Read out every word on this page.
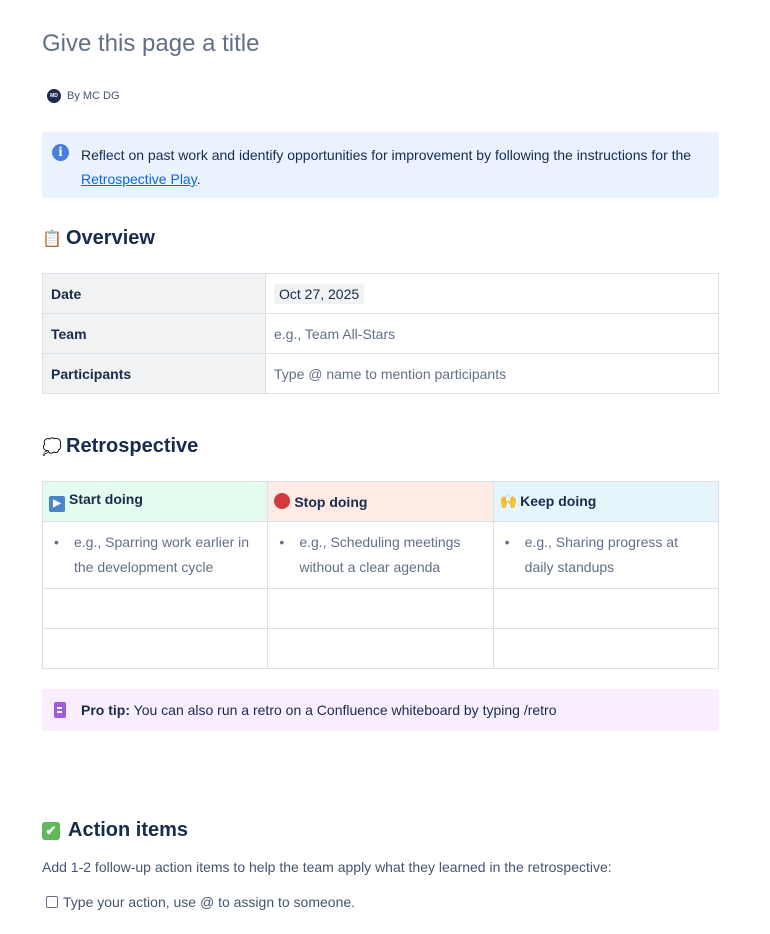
Give this page a title
MD By MC DG
i	Reflect on past work and identify opportunities for improvement by following the instructions for the Retrospective Play.
📋 Overview
Date	Oct 27, 2025
Team	e.g., Team All-Stars
Participants	Type @ name to mention participants
💭 Retrospective
▶ Start doing	Stop doing	🙌 Keep doing

• e.g., Sparring work earlier in the development cycle	• e.g., Scheduling meetings without a clear agenda	• e.g., Sharing progress at daily standups

Pro tip: You can also run a retro on a Confluence whiteboard by typing /retro
✔ Action items
Add 1-2 follow-up action items to help the team apply what they learned in the retrospective:
Type your action, use @ to assign to someone.
